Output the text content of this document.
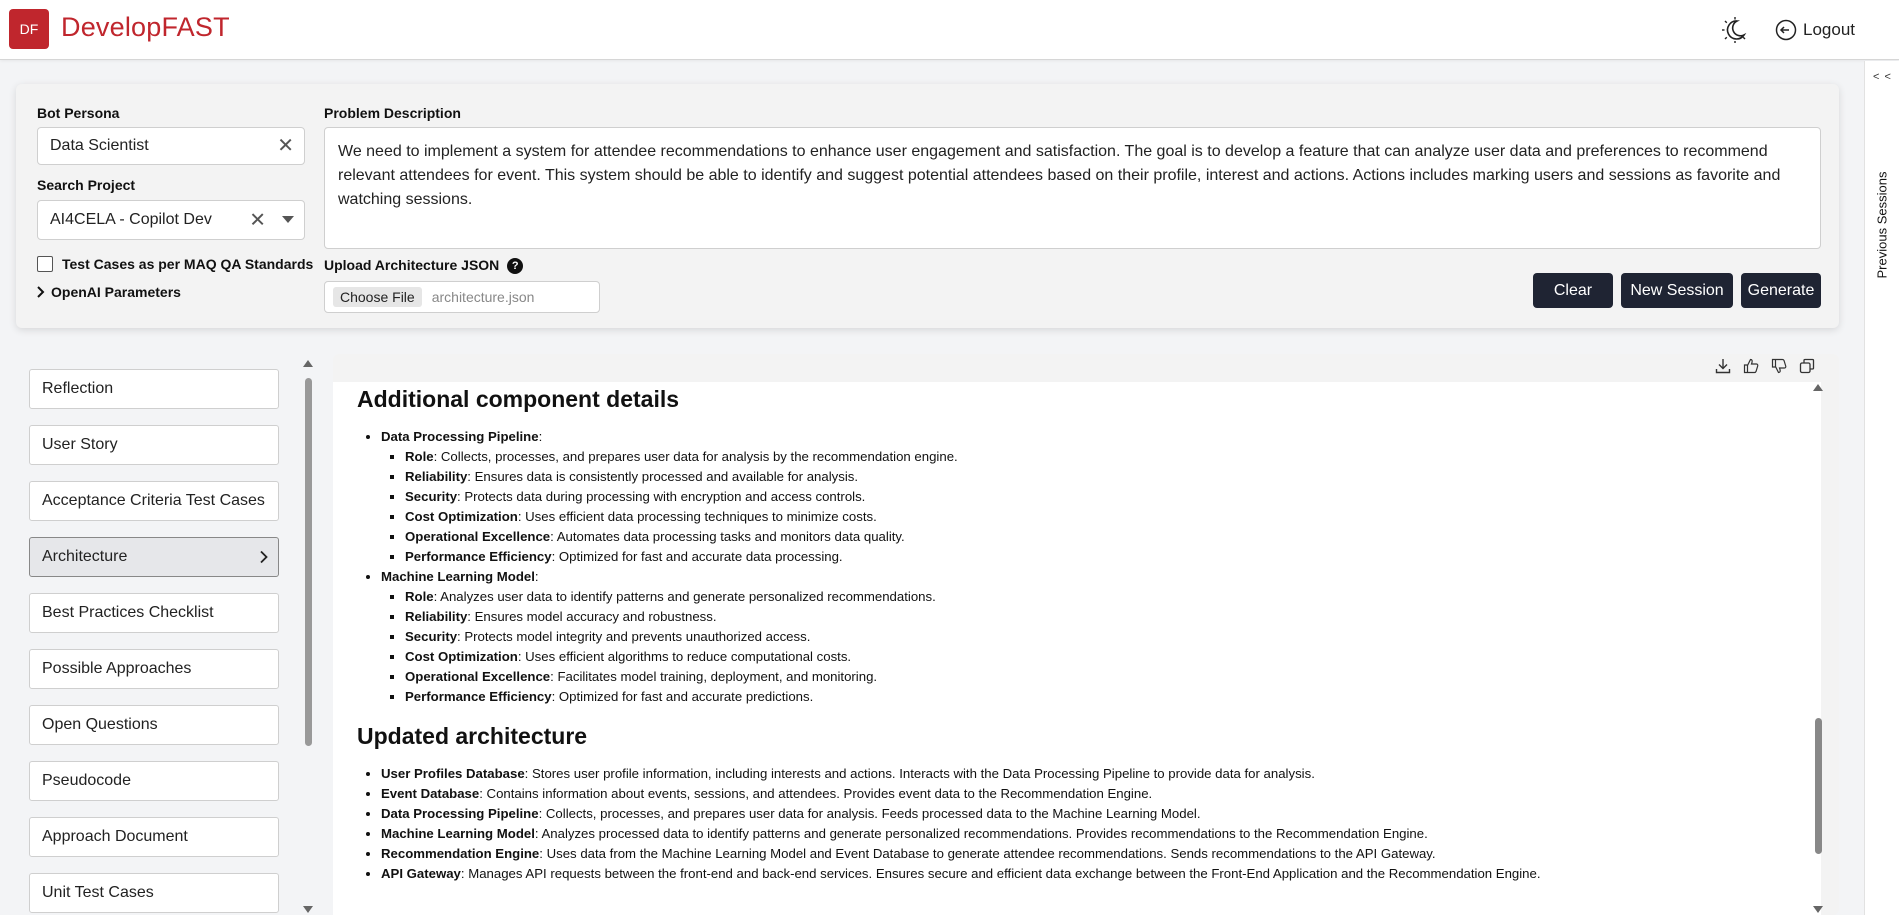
DF DevelopFAST	Logout
< <
Previous Sessions
Bot Persona
Data Scientist	✕
Search Project
AI4CELA - Copilot Dev ✕
Test Cases as per MAQ QA Standards
OpenAI Parameters
Problem Description
We need to implement a system for attendee recommendations to enhance user engagement and satisfaction. The goal is to develop a feature that can analyze user data and preferences to recommend relevant attendees for event. This system should be able to identify and suggest potential attendees based on their profile, interest and actions. Actions includes marking users and sessions as favorite and watching sessions.
Upload Architecture JSON ?
Choose File	architecture.json	Clear	New Session	Generate
Reflection
User Story
Acceptance Criteria Test Cases
Architecture
Best Practices Checklist
Possible Approaches
Open Questions
Pseudocode
Approach Document
Unit Test Cases
Additional component details
• Data Processing Pipeline:
▪ Role: Collects, processes, and prepares user data for analysis by the recommendation engine.
▪ Reliability: Ensures data is consistently processed and available for analysis.
▪ Security: Protects data during processing with encryption and access controls.
▪ Cost Optimization: Uses efficient data processing techniques to minimize costs.
▪ Operational Excellence: Automates data processing tasks and monitors data quality.
▪ Performance Efficiency: Optimized for fast and accurate data processing.
• Machine Learning Model:
▪ Role: Analyzes user data to identify patterns and generate personalized recommendations.
▪ Reliability: Ensures model accuracy and robustness.
▪ Security: Protects model integrity and prevents unauthorized access.
▪ Cost Optimization: Uses efficient algorithms to reduce computational costs.
▪ Operational Excellence: Facilitates model training, deployment, and monitoring.
▪ Performance Efficiency: Optimized for fast and accurate predictions.
Updated architecture
• User Profiles Database: Stores user profile information, including interests and actions. Interacts with the Data Processing Pipeline to provide data for analysis.
• Event Database: Contains information about events, sessions, and attendees. Provides event data to the Recommendation Engine.
• Data Processing Pipeline: Collects, processes, and prepares user data for analysis. Feeds processed data to the Machine Learning Model.
• Machine Learning Model: Analyzes processed data to identify patterns and generate personalized recommendations. Provides recommendations to the Recommendation Engine.
• Recommendation Engine: Uses data from the Machine Learning Model and Event Database to generate attendee recommendations. Sends recommendations to the API Gateway.
• API Gateway: Manages API requests between the front-end and back-end services. Ensures secure and efficient data exchange between the Front-End Application and the Recommendation Engine.
